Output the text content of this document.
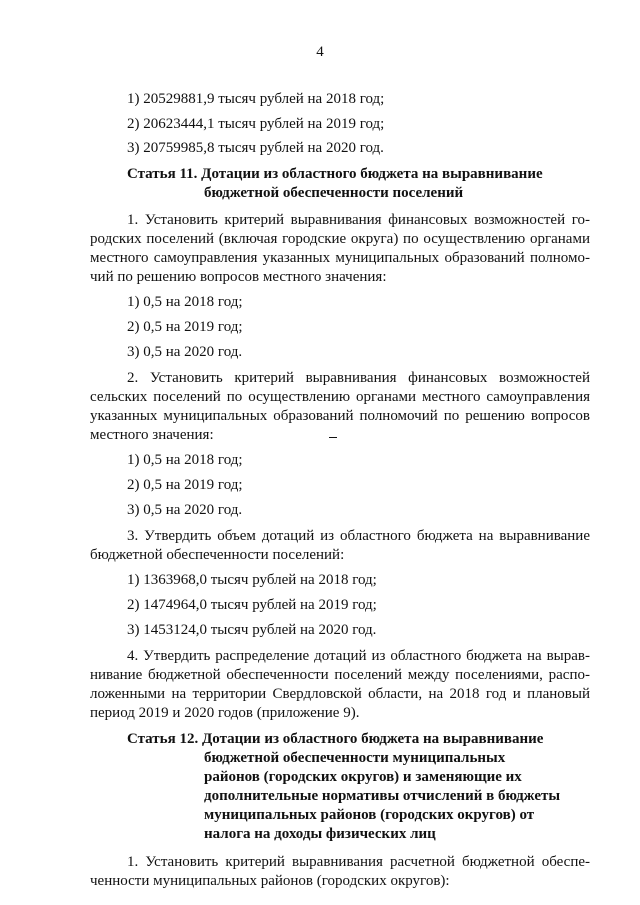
4
1) 20529881,9 тысяч рублей на 2018 год;
2) 20623444,1 тысяч рублей на 2019 год;
3) 20759985,8 тысяч рублей на 2020 год.
Статья 11. Дотации из областного бюджета на выравнивание
бюджетной обеспеченности поселений
1. Установить критерий выравнивания финансовых возможностей го-
родских поселений (включая городские округа) по осуществлению органами
местного самоуправления указанных муниципальных образований полномо-
чий по решению вопросов местного значения:
1) 0,5 на 2018 год;
2) 0,5 на 2019 год;
3) 0,5 на 2020 год.
2. Установить критерий выравнивания финансовых возможностей
сельских поселений по осуществлению органами местного самоуправления
указанных муниципальных образований полномочий по решению вопросов
местного значения:
1) 0,5 на 2018 год;
2) 0,5 на 2019 год;
3) 0,5 на 2020 год.
3. Утвердить объем дотаций из областного бюджета на выравнивание
бюджетной обеспеченности поселений:
1) 1363968,0 тысяч рублей на 2018 год;
2) 1474964,0 тысяч рублей на 2019 год;
3) 1453124,0 тысяч рублей на 2020 год.
4. Утвердить распределение дотаций из областного бюджета на вырав-
нивание бюджетной обеспеченности поселений между поселениями, распо-
ложенными на территории Свердловской области, на 2018 год и плановый
период 2019 и 2020 годов (приложение 9).
Статья 12. Дотации из областного бюджета на выравнивание
бюджетной обеспеченности муниципальных
районов (городских округов) и заменяющие их
дополнительные нормативы отчислений в бюджеты
муниципальных районов (городских округов) от
налога на доходы физических лиц
1. Установить критерий выравнивания расчетной бюджетной обеспе-
ченности муниципальных районов (городских округов):
